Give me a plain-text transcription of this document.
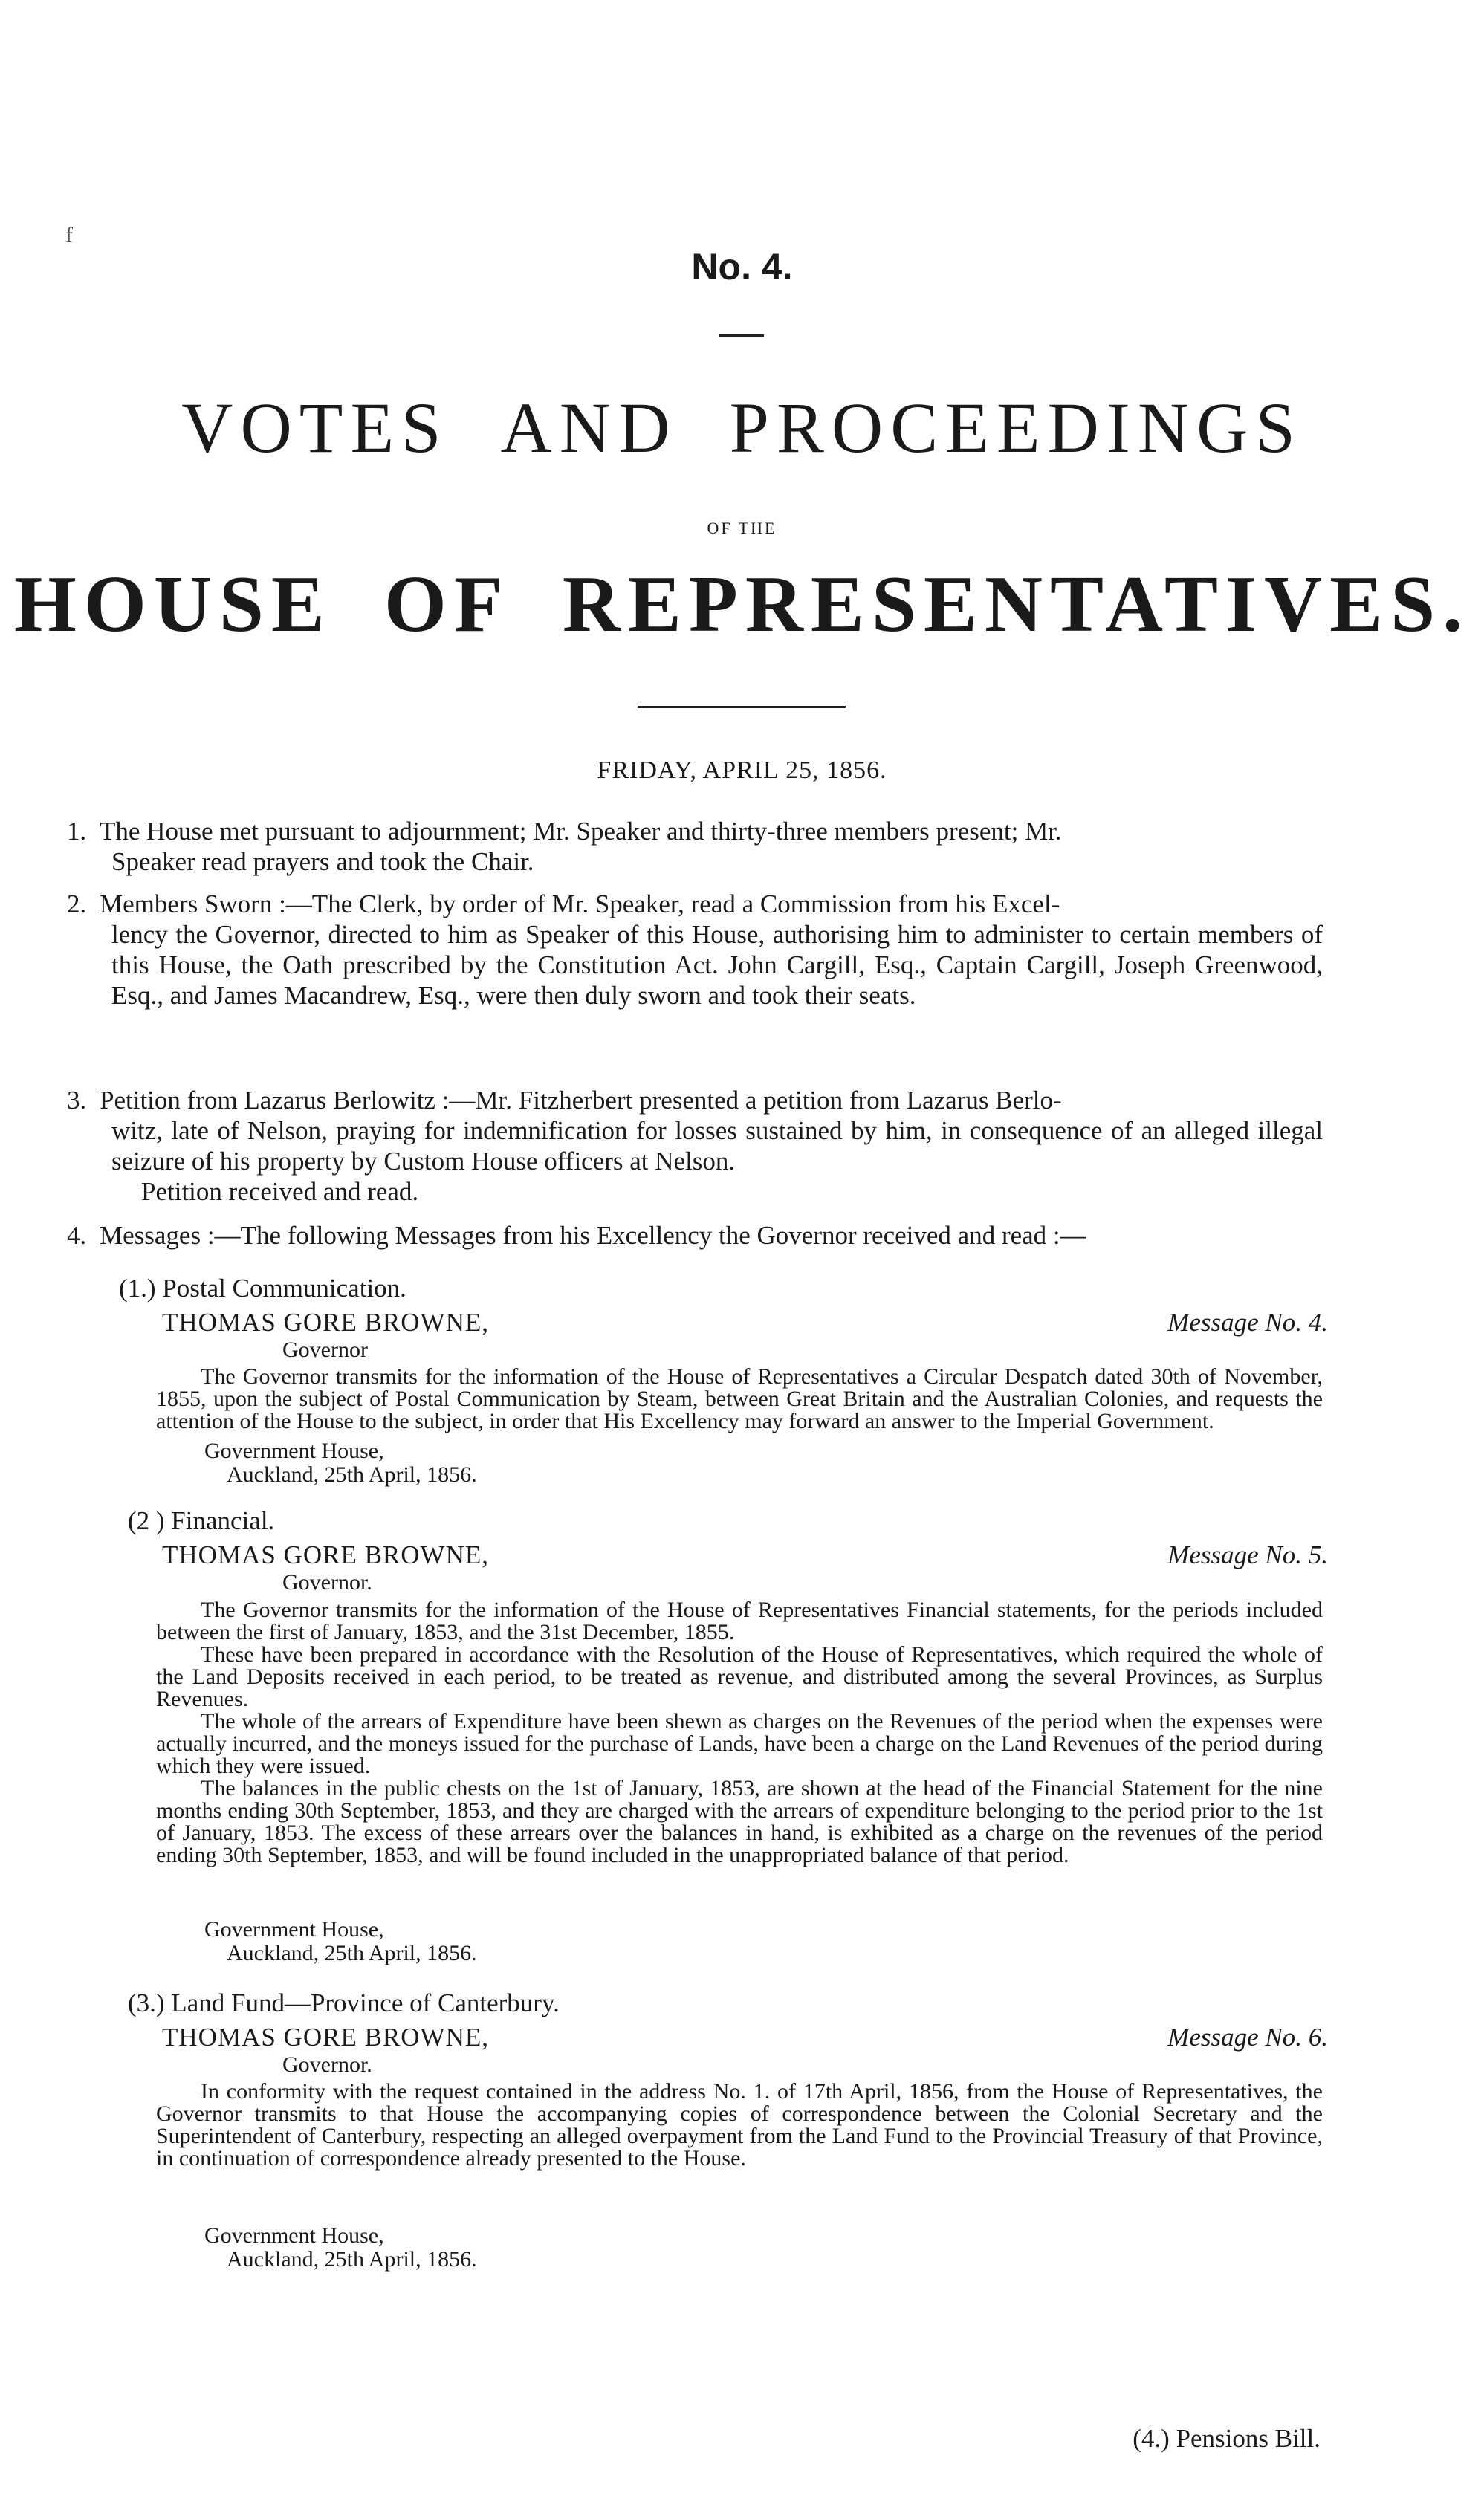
f
No. 4.
VOTES AND PROCEEDINGS
OF THE
HOUSE OF REPRESENTATIVES.
FRIDAY, APRIL 25, 1856.
1. The House met pursuant to adjournment; Mr. Speaker and thirty-three members present; Mr.
Speaker read prayers and took the Chair.
2. Members Sworn :—The Clerk, by order of Mr. Speaker, read a Commission from his Excel-
lency the Governor, directed to him as Speaker of this House, authorising him to administer to certain members of this House, the Oath prescribed by the Constitution Act. John Cargill, Esq., Captain Cargill, Joseph Greenwood, Esq., and James Macandrew, Esq., were then duly sworn and took their seats.
3. Petition from Lazarus Berlowitz :—Mr. Fitzherbert presented a petition from Lazarus Berlo-
witz, late of Nelson, praying for indemnification for losses sustained by him, in consequence of an alleged illegal seizure of his property by Custom House officers at Nelson.
Petition received and read.
4. Messages :—The following Messages from his Excellency the Governor received and read :—
(1.) Postal Communication.
THOMAS GORE BROWNE,	Message No. 4.
Governor
The Governor transmits for the information of the House of Representatives a Circular Despatch dated 30th of November, 1855, upon the subject of Postal Communication by Steam, between Great Britain and the Australian Colonies, and requests the attention of the House to the subject, in order that His Excellency may forward an answer to the Imperial Government.
Government House,
Auckland, 25th April, 1856.
(2 ) Financial.
THOMAS GORE BROWNE,	Message No. 5.
Governor.
The Governor transmits for the information of the House of Representatives Financial statements, for the periods included between the first of January, 1853, and the 31st December, 1855.
These have been prepared in accordance with the Resolution of the House of Representatives, which required the whole of the Land Deposits received in each period, to be treated as revenue, and distributed among the several Provinces, as Surplus Revenues.
The whole of the arrears of Expenditure have been shewn as charges on the Revenues of the period when the expenses were actually incurred, and the moneys issued for the purchase of Lands, have been a charge on the Land Revenues of the period during which they were issued.
The balances in the public chests on the 1st of January, 1853, are shown at the head of the Financial Statement for the nine months ending 30th September, 1853, and they are charged with the arrears of expenditure belonging to the period prior to the 1st of January, 1853. The excess of these arrears over the balances in hand, is exhibited as a charge on the revenues of the period ending 30th September, 1853, and will be found included in the unappropriated balance of that period.
Government House,
Auckland, 25th April, 1856.
(3.) Land Fund—Province of Canterbury.
THOMAS GORE BROWNE,	Message No. 6.
Governor.
In conformity with the request contained in the address No. 1. of 17th April, 1856, from the House of Representatives, the Governor transmits to that House the accompanying copies of correspondence between the Colonial Secretary and the Superintendent of Canterbury, respecting an alleged overpayment from the Land Fund to the Provincial Treasury of that Province, in continuation of correspondence already presented to the House.
Government House,
Auckland, 25th April, 1856.
(4.) Pensions Bill.
